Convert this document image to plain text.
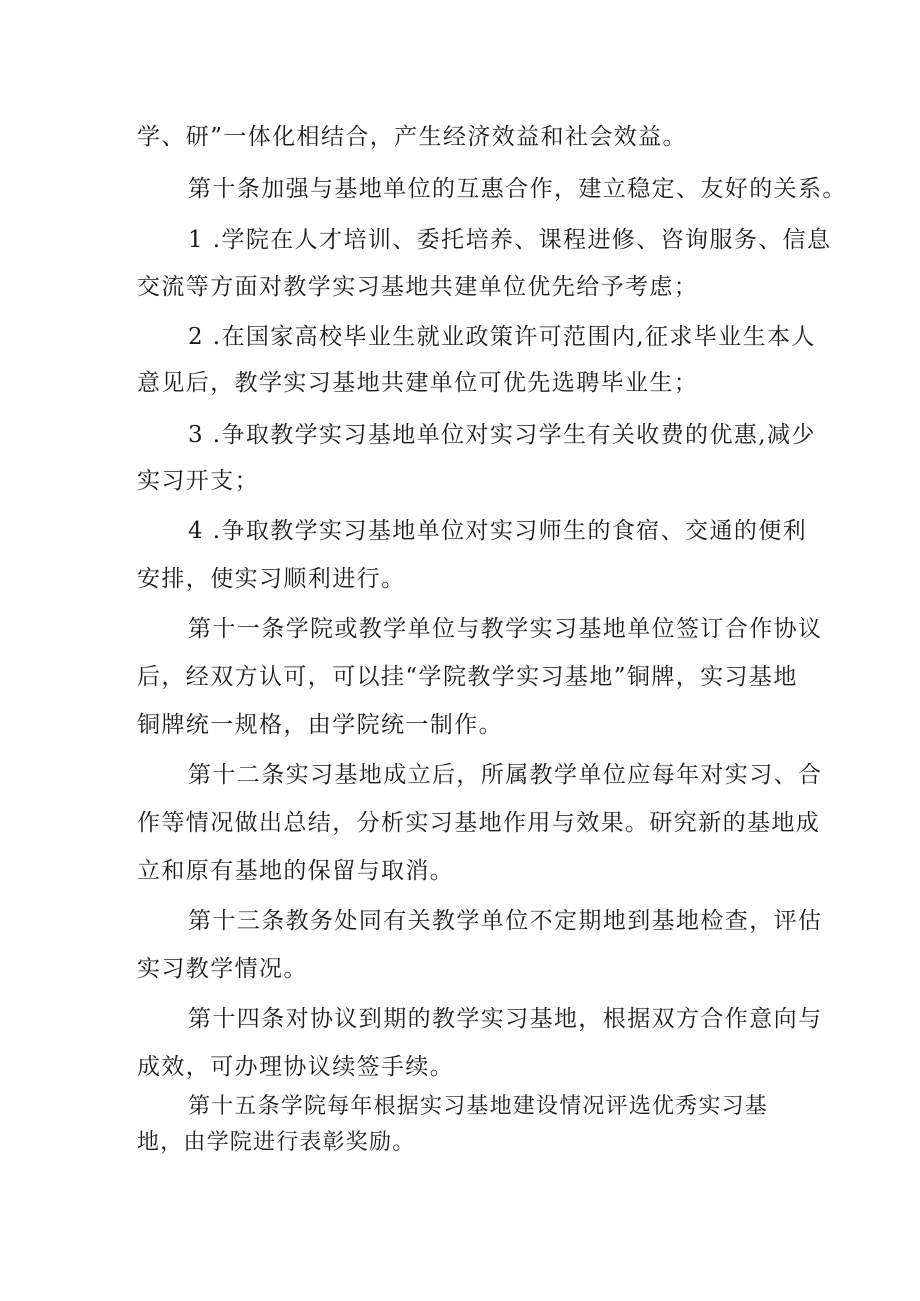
学、研”一体化相结合，产生经济效益和社会效益。

第十条加强与基地单位的互惠合作，建立稳定、友好的关系。

1 .学院在人才培训、委托培养、课程进修、咨询服务、信息

交流等方面对教学实习基地共建单位优先给予考虑；

2 .在国家高校毕业生就业政策许可范围内,征求毕业生本人

意见后，教学实习基地共建单位可优先选聘毕业生；

3 .争取教学实习基地单位对实习学生有关收费的优惠,减少

实习开支；

4 .争取教学实习基地单位对实习师生的食宿、交通的便利

安排，使实习顺利进行。

第十一条学院或教学单位与教学实习基地单位签订合作协议

后，经双方认可，可以挂“学院教学实习基地”铜牌，实习基地

铜牌统一规格，由学院统一制作。

第十二条实习基地成立后，所属教学单位应每年对实习、合

作等情况做出总结，分析实习基地作用与效果。研究新的基地成

立和原有基地的保留与取消。

第十三条教务处同有关教学单位不定期地到基地检查，评估

实习教学情况。

第十四条对协议到期的教学实习基地，根据双方合作意向与

成效，可办理协议续签手续。

第十五条学院每年根据实习基地建设情况评选优秀实习基

地，由学院进行表彰奖励。
